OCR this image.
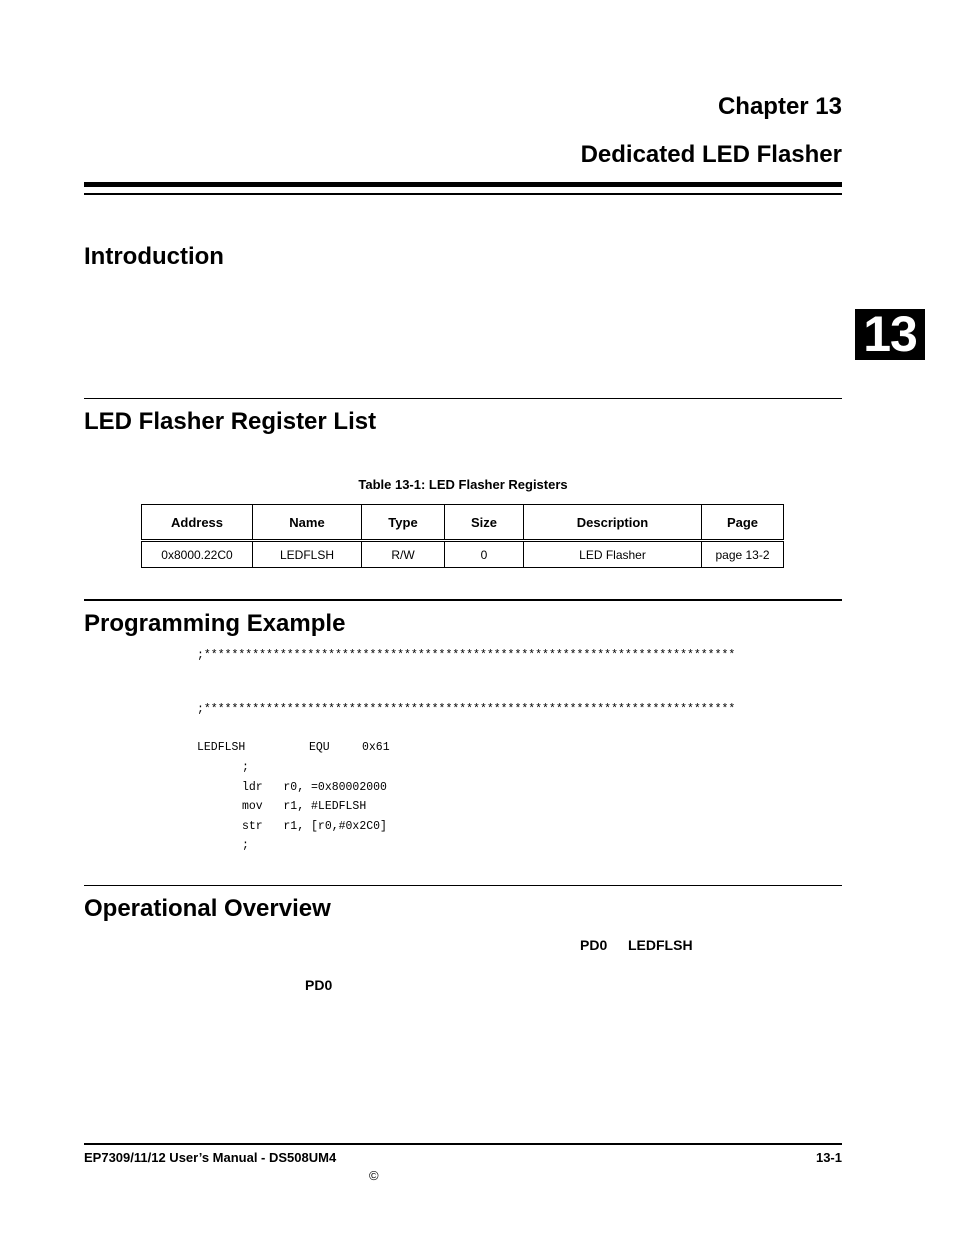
Chapter 13
Dedicated LED Flasher
13
Introduction
LED Flasher Register List
Table 13-1: LED Flasher Registers
Address	Name	Type	Size	Description	Page
0x8000.22C0	LEDFLSH	R/W	0	LED Flasher	page 13-2
Programming Example
;*****************************************************************************
;*****************************************************************************
LEDFLSH	EQU	0x61
;
ldr   r0, =0x80002000
mov   r1, #LEDFLSH
str   r1, [r0,#0x2C0]
;
Operational Overview
PD0 LEDFLSH
PD0
EP7309/11/12 User’s Manual - DS508UM4	13-1
©
